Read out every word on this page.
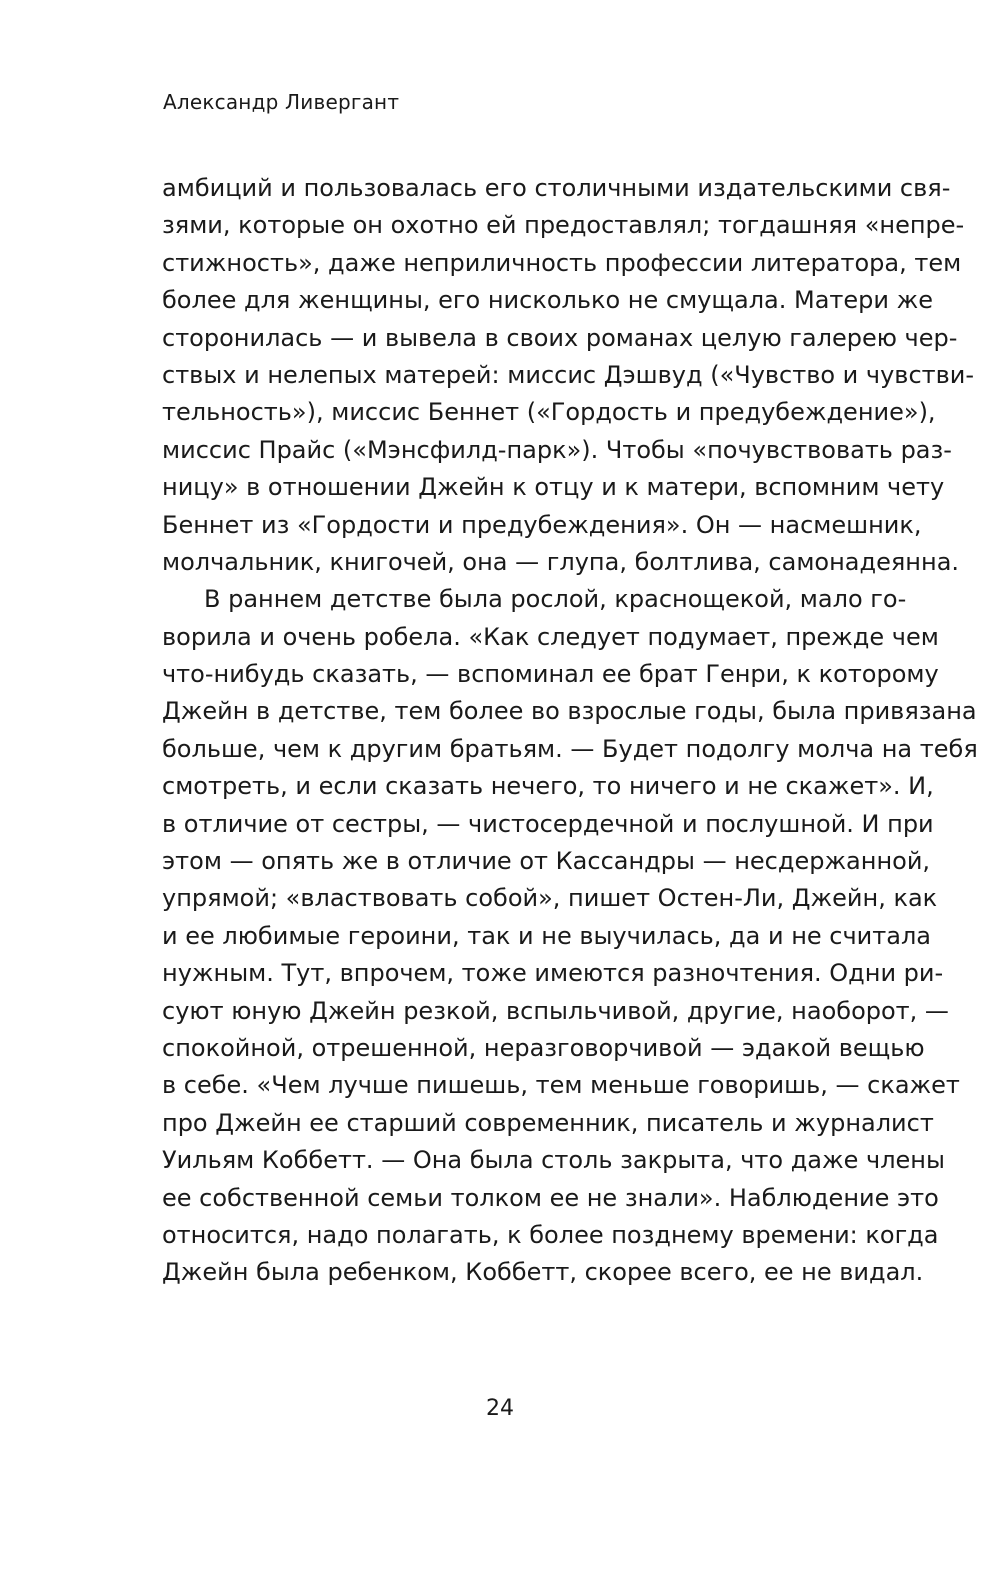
Александр Ливергант
амбиций и пользовалась его столичными издательскими свя-
зями, которые он охотно ей предоставлял; тогдашняя «непре-
стижность», даже неприличность профессии литератора, тем
более для женщины, его нисколько не смущала. Матери же
сторонилась — и вывела в своих романах целую галерею чер-
ствых и нелепых матерей: миссис Дэшвуд («Чувство и чувстви-
тельность»), миссис Беннет («Гордость и предубеждение»),
миссис Прайс («Мэнсфилд-парк»). Чтобы «почувствовать раз-
ницу» в отношении Джейн к отцу и к матери, вспомним чету
Беннет из «Гордости и предубеждения». Он — насмешник,
молчальник, книгочей, она — глупа, болтлива, самонадеянна.
В раннем детстве была рослой, краснощекой, мало го-
ворила и очень робела. «Как следует подумает, прежде чем
что-нибудь сказать, — вспоминал ее брат Генри, к которому
Джейн в детстве, тем более во взрослые годы, была привязана
больше, чем к другим братьям. — Будет подолгу молча на тебя
смотреть, и если сказать нечего, то ничего и не скажет». И,
в отличие от сестры, — чистосердечной и послушной. И при
этом — опять же в отличие от Кассандры — несдержанной,
упрямой; «властвовать собой», пишет Остен-Ли, Джейн, как
и ее любимые героини, так и не выучилась, да и не считала
нужным. Тут, впрочем, тоже имеются разночтения. Одни ри-
суют юную Джейн резкой, вспыльчивой, другие, наоборот, —
спокойной, отрешенной, неразговорчивой — эдакой вещью
в себе. «Чем лучше пишешь, тем меньше говоришь, — скажет
про Джейн ее старший современник, писатель и журналист
Уильям Коббетт. — Она была столь закрыта, что даже члены
ее собственной семьи толком ее не знали». Наблюдение это
относится, надо полагать, к более позднему времени: когда
Джейн была ребенком, Коббетт, скорее всего, ее не видал.
24
